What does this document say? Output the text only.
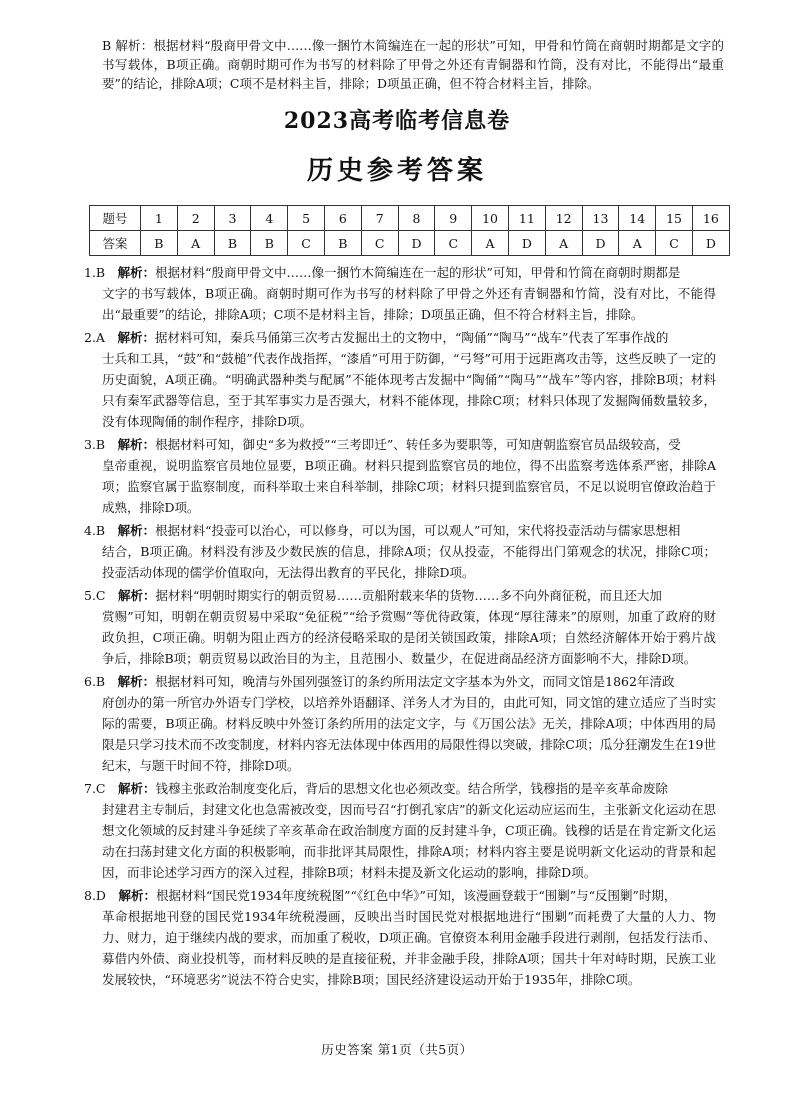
B 解析：根据材料“殷商甲骨文中……像一捆竹木简编连在一起的形状”可知，甲骨和竹筒在商朝时期都是文字的书写载体，B项正确。商朝时期可作为书写的材料除了甲骨之外还有青铜器和竹筒，没有对比，不能得出“最重要”的结论，排除A项；C项不是材料主旨，排除；D项虽正确，但不符合材料主旨，排除。

2023高考临考信息卷
历史参考答案
题号	1	2	3	4	5	6	7	8	9	10	11	12	13	14	15	16
答案	B	A	B	B	C	B	C	D	C	A	D	A	D	A	C	D

1.B  解析：根据材料“殷商甲骨文中……像一捆竹木简编连在一起的形状”可知，甲骨和竹简在商朝时期都是

文字的书写载体，B项正确。商朝时期可作为书写的材料除了甲骨之外还有青铜器和竹简，没有对比，不能得出“最重要”的结论，排除A项；C项不是材料主旨，排除；D项虽正确，但不符合材料主旨，排除。

2.A  解析：据材料可知，秦兵马俑第三次考古发掘出土的文物中，“陶俑”“陶马”“战车”代表了军事作战的

士兵和工具，“鼓”和“鼓槌”代表作战指挥，“漆盾”可用于防御，“弓弩”可用于远距离攻击等，这些反映了一定的历史面貌，A项正确。“明确武器种类与配属”不能体现考古发掘中“陶俑”“陶马”“战车”等内容，排除B项；材料只有秦军武器等信息，至于其军事实力是否强大，材料不能体现，排除C项；材料只体现了发掘陶俑数量较多，没有体现陶俑的制作程序，排除D项。

3.B  解析：根据材料可知，御史“多为救授”“三考即迁”、转任多为要职等，可知唐朝监察官员品级较高，受

皇帝重视，说明监察官员地位显要，B项正确。材料只提到监察官员的地位，得不出监察考选体系严密，排除A项；监察官属于监察制度，而科举取士来自科举制，排除C项；材料只提到监察官员，不足以说明官僚政治趋于成熟，排除D项。

4.B  解析：根据材料“投壶可以治心，可以修身，可以为国，可以观人”可知，宋代将投壶活动与儒家思想相

结合，B项正确。材料没有涉及少数民族的信息，排除A项；仅从投壶，不能得出门第观念的状况，排除C项；投壶活动体现的儒学价值取向，无法得出教育的平民化，排除D项。

5.C  解析：据材料“明朝时期实行的朝贡贸易……贡船附载来华的货物……多不向外商征税，而且还大加

赏赐”可知，明朝在朝贡贸易中采取“免征税”“给予赏赐”等优待政策，体现“厚往薄来”的原则，加重了政府的财政负担，C项正确。明朝为阻止西方的经济侵略采取的是闭关锁国政策，排除A项；自然经济解体开始于鸦片战争后，排除B项；朝贡贸易以政治目的为主，且范围小、数量少，在促进商品经济方面影响不大，排除D项。

6.B  解析：根据材料可知，晚清与外国列强签订的条约所用法定文字基本为外文，而同文馆是1862年清政

府创办的第一所官办外语专门学校，以培养外语翻译、洋务人才为目的，由此可知，同文馆的建立适应了当时实际的需要，B项正确。材料反映中外签订条约所用的法定文字，与《万国公法》无关，排除A项；中体西用的局限是只学习技术而不改变制度，材料内容无法体现中体西用的局限性得以突破，排除C项；瓜分狂潮发生在19世纪末，与题干时间不符，排除D项。

7.C  解析：钱穆主张政治制度变化后，背后的思想文化也必须改变。结合所学，钱穆指的是辛亥革命废除

封建君主专制后，封建文化也急需被改变，因而号召“打倒孔家店”的新文化运动应运而生，主张新文化运动在思想文化领域的反封建斗争延续了辛亥革命在政治制度方面的反封建斗争，C项正确。钱穆的话是在肯定新文化运动在扫荡封建文化方面的积极影响，而非批评其局限性，排除A项；材料内容主要是说明新文化运动的背景和起因，而非论述学习西方的深入过程，排除B项；材料未提及新文化运动的影响，排除D项。

8.D  解析：根据材料“国民党1934年度统税图”“《红色中华》”可知，该漫画登载于“围剿”与“反围剿”时期，

革命根据地刊登的国民党1934年统税漫画，反映出当时国民党对根据地进行“围剿”而耗费了大量的人力、物力、财力，迫于继续内战的要求，而加重了税收，D项正确。官僚资本利用金融手段进行剥削，包括发行法币、募借内外债、商业投机等，而材料反映的是直接征税，并非金融手段，排除A项；国共十年对峙时期，民族工业发展较快，“环境恶劣”说法不符合史实，排除B项；国民经济建设运动开始于1935年，排除C项。

历史答案 第1页（共5页）
